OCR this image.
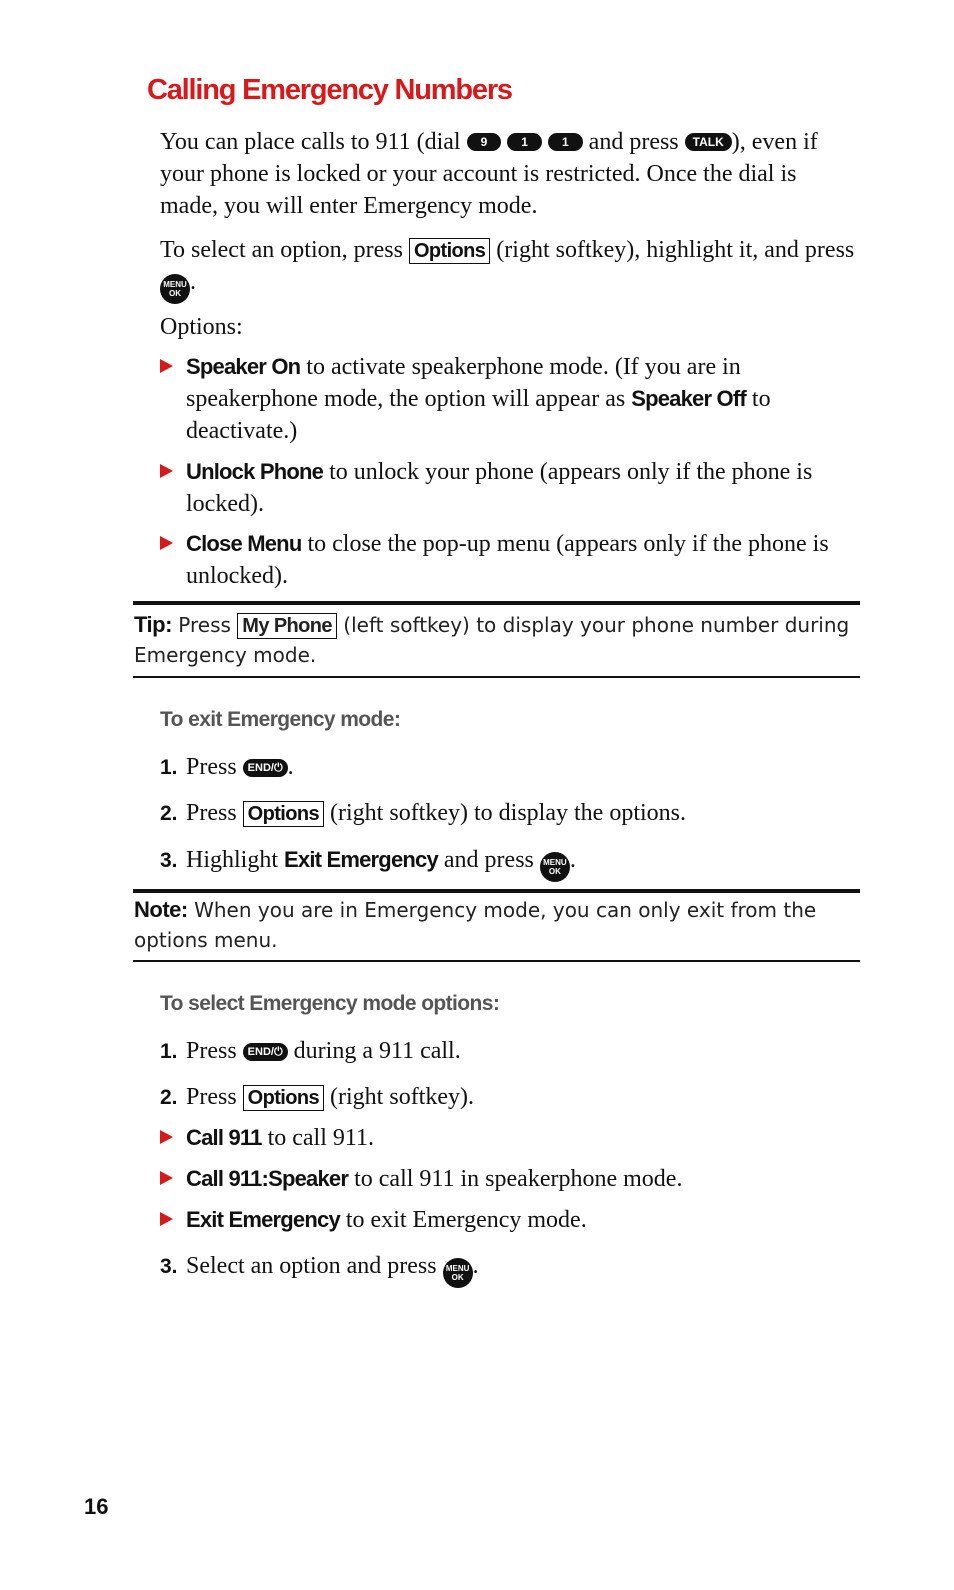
Calling Emergency Numbers
You can place calls to 911 (dial 9	1	1 and press TALK ), even if your phone is locked or your account is restricted. Once the dial is made, you will enter Emergency mode.
To select an option, press Options (right softkey), highlight it, and press MENU
OK .
Options:
Speaker On to activate speakerphone mode. (If you are in speakerphone mode, the option will appear as Speaker Off to deactivate.)
Unlock Phone to unlock your phone (appears only if the phone is locked).
Close Menu to close the pop-up menu (appears only if the phone is unlocked).
Tip: Press My Phone (left softkey) to display your phone number during Emergency mode.
To exit Emergency mode:
1. Press END/⏻ .
2. Press Options (right softkey) to display the options.
3. Highlight Exit Emergency and press MENU
OK .
Note: When you are in Emergency mode, you can only exit from the options menu.
To select Emergency mode options:
1. Press END/⏻ during a 911 call.
2. Press Options (right softkey).
Call 911 to call 911.
Call 911:Speaker to call 911 in speakerphone mode.
Exit Emergency to exit Emergency mode.
3. Select an option and press MENU
OK .
16
